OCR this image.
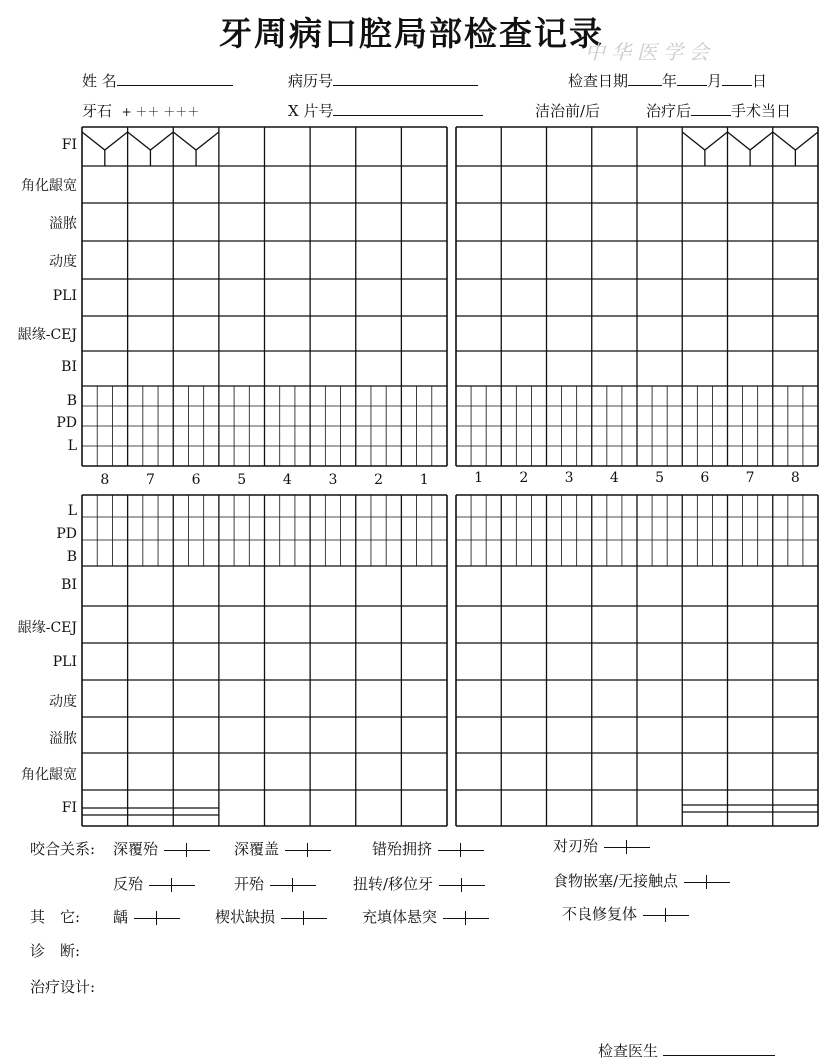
牙周病口腔局部检查记录
中华医学会
姓 名	病历号	检查日期 年 月 日
牙石 + ＋＋ ＋＋＋	X 片号	洁治前/后	治疗后	手术当日
FI
角化龈宽
溢脓
动度
PLI
龈缘-CEJ
BI
B
PD
L
8	7	6	5	4	3	2	1	1	2	3	4	5	6	7	8
L
PD
B
BI
龈缘-CEJ
PLI
动度
溢脓
角化龈宽
FI
咬合关系: 深覆殆	深覆盖	错殆拥挤	对刃殆
反殆	开殆	扭转/移位牙	食物嵌塞/无接触点
其　它: 龋	楔状缺损	充填体悬突	不良修复体
诊　断:
治疗设计:
检查医生
